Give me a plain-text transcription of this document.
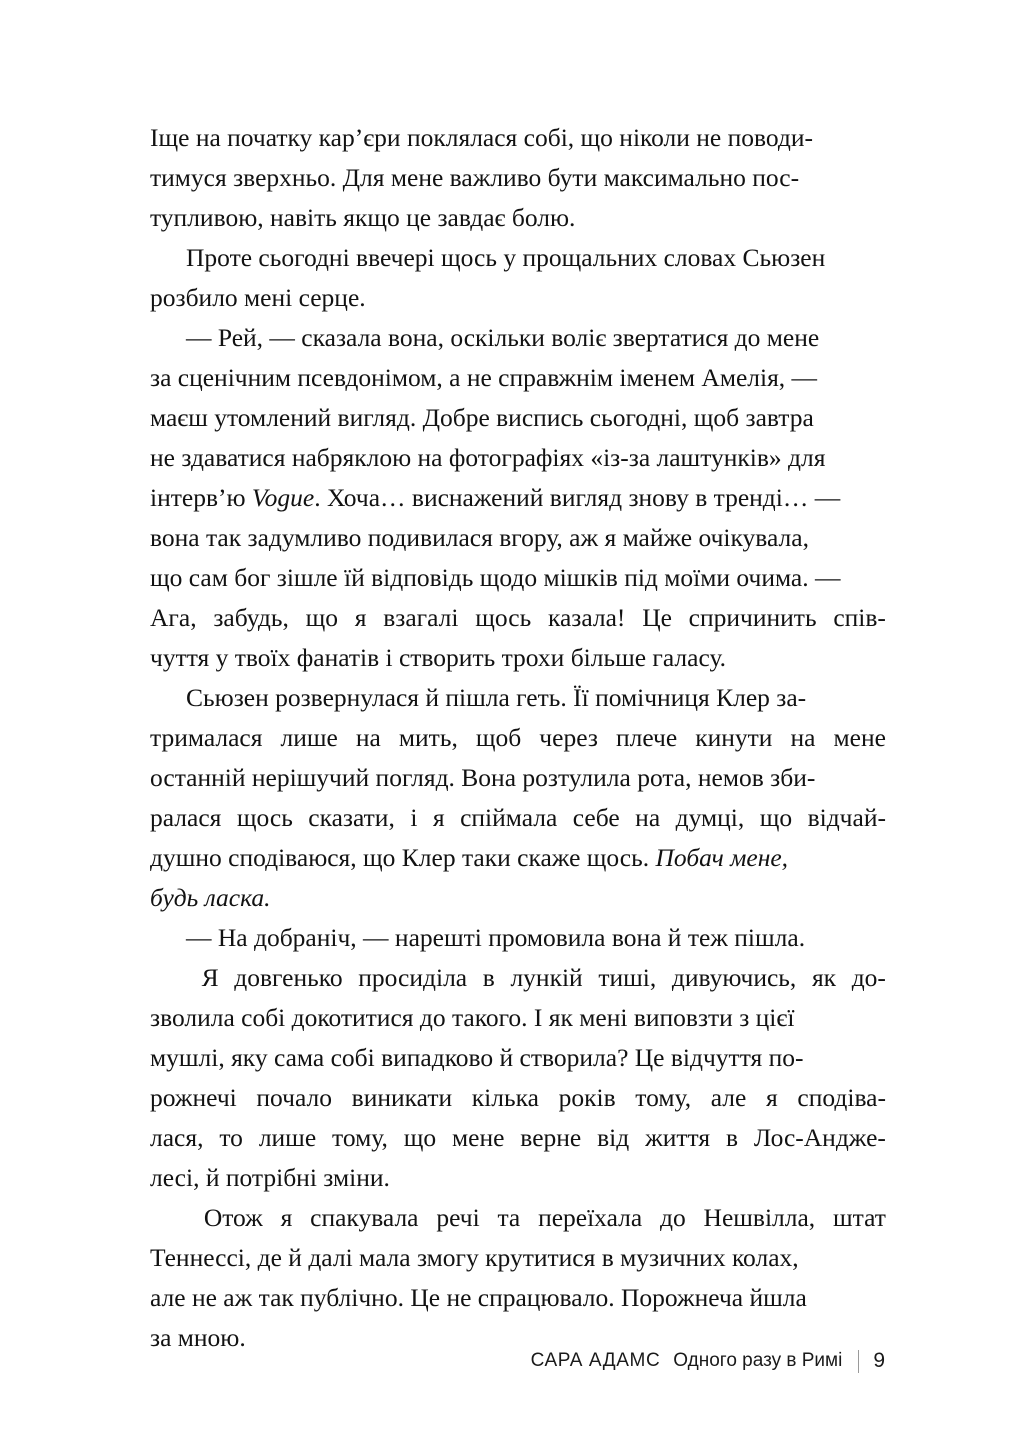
Іще на початку кар’єри поклялася собі, що ніколи не поводи-
тимуся зверхньо. Для мене важливо бути максимально пос-
тупливою, навіть якщо це завдає болю.

Проте сьогодні ввечері щось у прощальних словах Сьюзен
розбило мені серце.

— Рей, — сказала вона, оскільки воліє звертатися до мене
за сценічним псевдонімом, а не справжнім іменем Амелія, —
маєш утомлений вигляд. Добре виспись сьогодні, щоб завтра
не здаватися набряклою на фотографіях «із-за лаштунків» для
інтерв’ю Vogue. Хоча… виснажений вигляд знову в тренді… —
вона так задумливо подивилася вгору, аж я майже очікувала,
що сам бог зішле їй відповідь щодо мішків під моїми очима. —
Ага, забудь, що я взагалі щось казала! Це спричинить спів-
чуття у твоїх фанатів і створить трохи більше галасу.

Сьюзен розвернулася й пішла геть. Її помічниця Клер за-
трималася лише на мить, щоб через плече кинути на мене
останній нерішучий погляд. Вона розтулила рота, немов зби-
ралася щось сказати, і я спіймала себе на думці, що відчай-
душно сподіваюся, що Клер таки скаже щось. Побач мене,
будь ласка.

— На добраніч, — нарешті промовила вона й теж пішла.

Я довгенько просиділа в лункій тиші, дивуючись, як до-
зволила собі докотитися до такого. І як мені виповзти з цієї
мушлі, яку сама собі випадково й створила? Це відчуття по-
рожнечі почало виникати кілька років тому, але я сподіва-
лася, то лише тому, що мене верне від життя в Лос-Андже-
лесі, й потрібні зміни.

Отож я спакувала речі та переїхала до Нешвілла, штат
Теннессі, де й далі мала змогу крутитися в музичних колах,
але не аж так публічно. Це не спрацювало. Порожнеча йшла
за мною.

САРА АДАМС Одного разу в Римі 9
